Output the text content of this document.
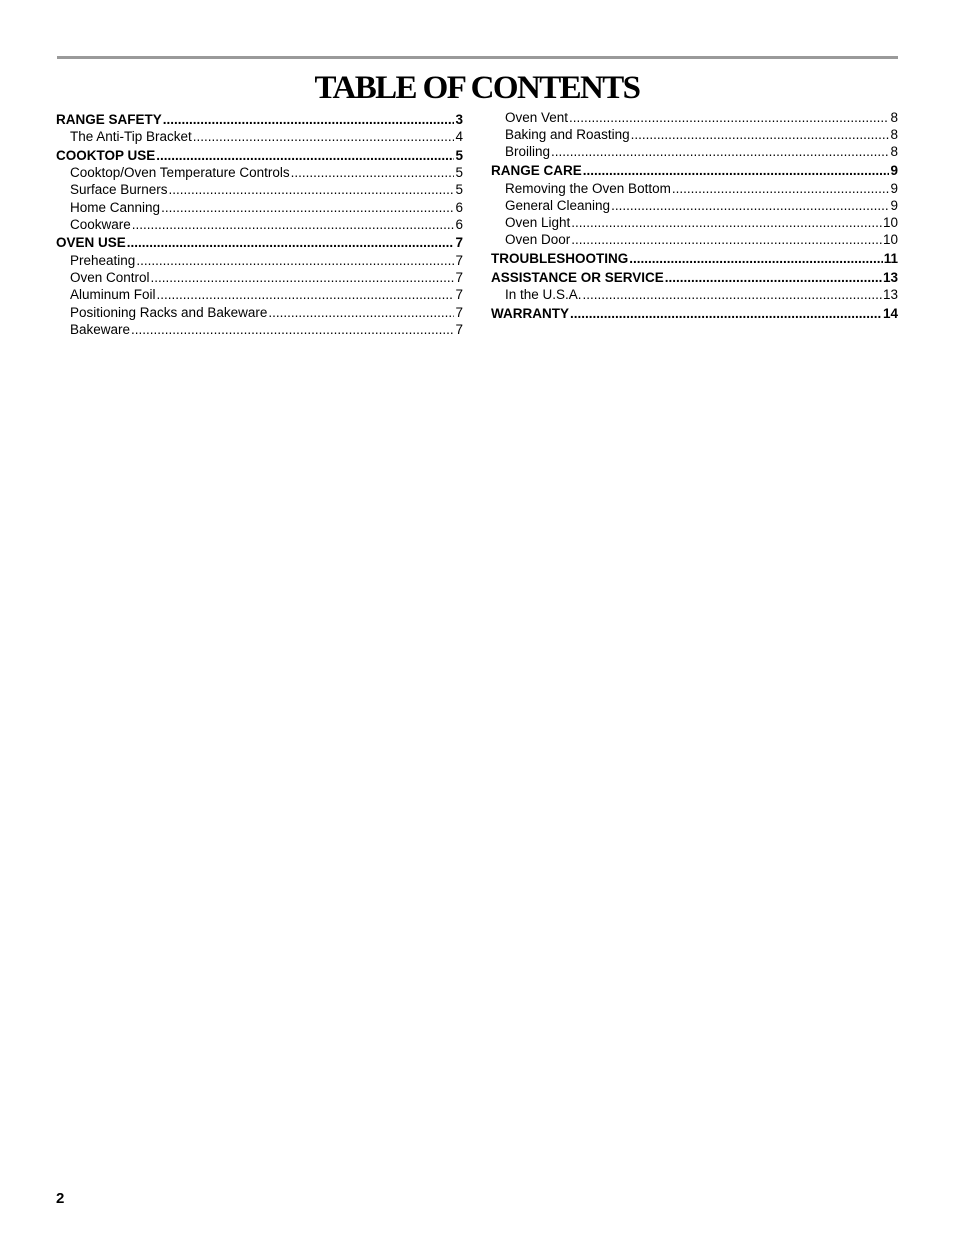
TABLE OF CONTENTS
RANGE SAFETY .....	3
The Anti-Tip Bracket .....	4
COOKTOP USE .....	5
Cooktop/Oven Temperature Controls .....	5
Surface Burners .....	5
Home Canning .....	6
Cookware .....	6
OVEN USE .....	7
Preheating .....	7
Oven Control .....	7
Aluminum Foil .....	7
Positioning Racks and Bakeware .....	7
Bakeware .....	7
Oven Vent .....	8
Baking and Roasting .....	8
Broiling .....	8
RANGE CARE .....	9
Removing the Oven Bottom .....	9
General Cleaning .....	9
Oven Light .....	10
Oven Door .....	10
TROUBLESHOOTING .....	11
ASSISTANCE OR SERVICE .....	13
In the U.S.A. .....	13
WARRANTY .....	14
2
